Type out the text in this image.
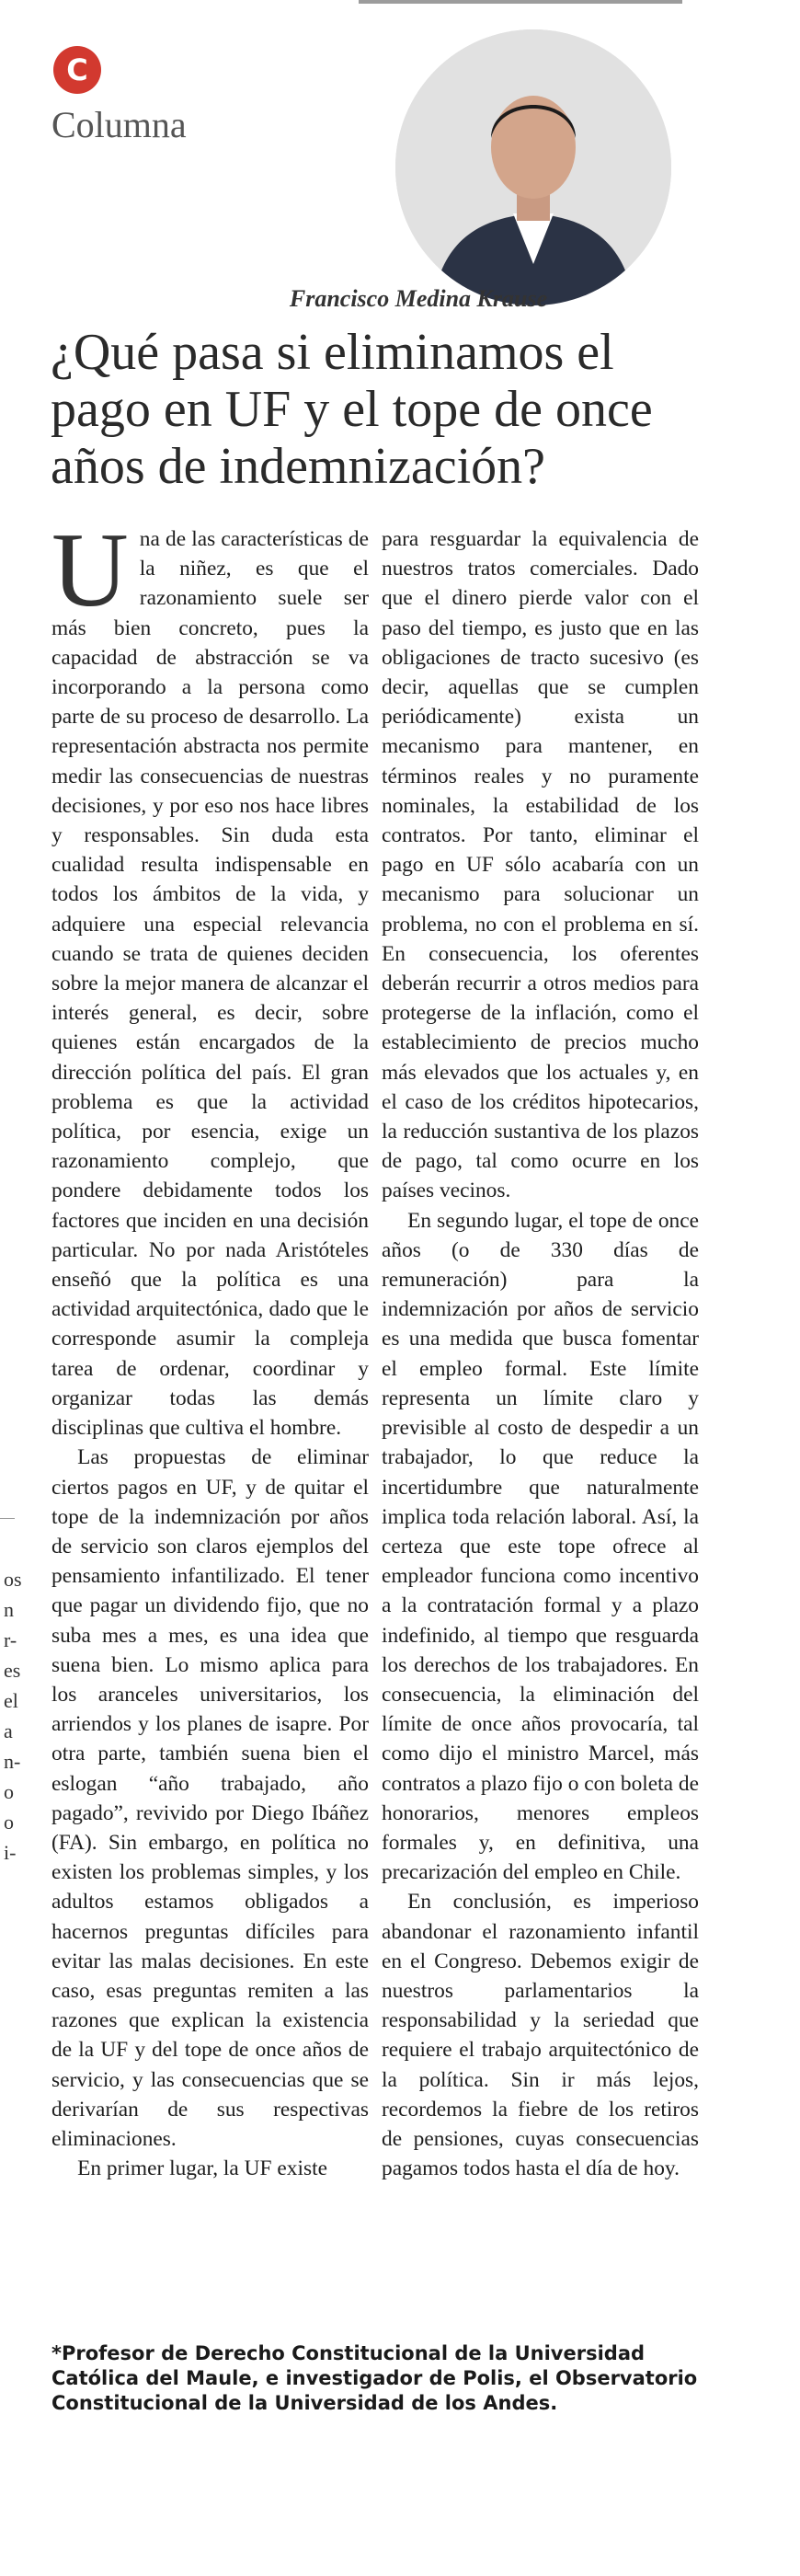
C
Columna
Francisco Medina Krause
¿Qué pasa si eliminamos el pago en UF y el tope de once años de indemnización?

Una de las características de la niñez, es que el razonamiento suele ser más bien concreto, pues la capacidad de abstracción se va incorporando a la persona como parte de su proceso de desarrollo. La representación abstracta nos permite medir las consecuencias de nuestras decisiones, y por eso nos hace libres y responsables. Sin duda esta cualidad resulta indispensable en todos los ámbitos de la vida, y adquiere una especial relevancia cuando se trata de quienes deciden sobre la mejor manera de alcanzar el interés general, es decir, sobre quienes están encargados de la dirección política del país. El gran problema es que la actividad política, por esencia, exige un razonamiento complejo, que pondere debidamente todos los factores que inciden en una decisión particular. No por nada Aristóteles enseñó que la política es una actividad arquitectónica, dado que le corresponde asumir la compleja tarea de ordenar, coordinar y organizar todas las demás disciplinas que cultiva el hombre.

Las propuestas de eliminar ciertos pagos en UF, y de quitar el tope de la indemnización por años de servicio son claros ejemplos del pensamiento infantilizado. El tener que pagar un dividendo fijo, que no suba mes a mes, es una idea que suena bien. Lo mismo aplica para los aranceles universitarios, los arriendos y los planes de isapre. Por otra parte, también suena bien el eslogan “año trabajado, año pagado”, revivido por Diego Ibáñez (FA). Sin embargo, en política no existen los problemas simples, y los adultos estamos obligados a hacernos preguntas difíciles para evitar las malas decisiones. En este caso, esas preguntas remiten a las razones que explican la existencia de la UF y del tope de once años de servicio, y las consecuencias que se derivarían de sus respectivas eliminaciones.

En primer lugar, la UF existe

para resguardar la equivalencia de nuestros tratos comerciales. Dado que el dinero pierde valor con el paso del tiempo, es justo que en las obligaciones de tracto sucesivo (es decir, aquellas que se cumplen periódicamente) exista un mecanismo para mantener, en términos reales y no puramente nominales, la estabilidad de los contratos. Por tanto, eliminar el pago en UF sólo acabaría con un mecanismo para solucionar un problema, no con el problema en sí. En consecuencia, los oferentes deberán recurrir a otros medios para protegerse de la inflación, como el establecimiento de precios mucho más elevados que los actuales y, en el caso de los créditos hipotecarios, la reducción sustantiva de los plazos de pago, tal como ocurre en los países vecinos.

En segundo lugar, el tope de once años (o de 330 días de remuneración) para la indemnización por años de servicio es una medida que busca fomentar el empleo formal. Este límite representa un límite claro y previsible al costo de despedir a un trabajador, lo que reduce la incertidumbre que naturalmente implica toda relación laboral. Así, la certeza que este tope ofrece al empleador funciona como incentivo a la contratación formal y a plazo indefinido, al tiempo que resguarda los derechos de los trabajadores. En consecuencia, la eliminación del límite de once años provocaría, tal como dijo el ministro Marcel, más contratos a plazo fijo o con boleta de honorarios, menores empleos formales y, en definitiva, una precarización del empleo en Chile.

En conclusión, es imperioso abandonar el razonamiento infantil en el Congreso. Debemos exigir de nuestros parlamentarios la responsabilidad y la seriedad que requiere el trabajo arquitectónico de la política. Sin ir más lejos, recordemos la fiebre de los retiros de pensiones, cuyas consecuencias pagamos todos hasta el día de hoy.

*Profesor de Derecho Constitucional de la Universidad Católica del Maule, e investigador de Polis, el Observatorio Constitucional de la Universidad de los Andes.
os
n
r-
es
el
a
n-
o
o
i-
